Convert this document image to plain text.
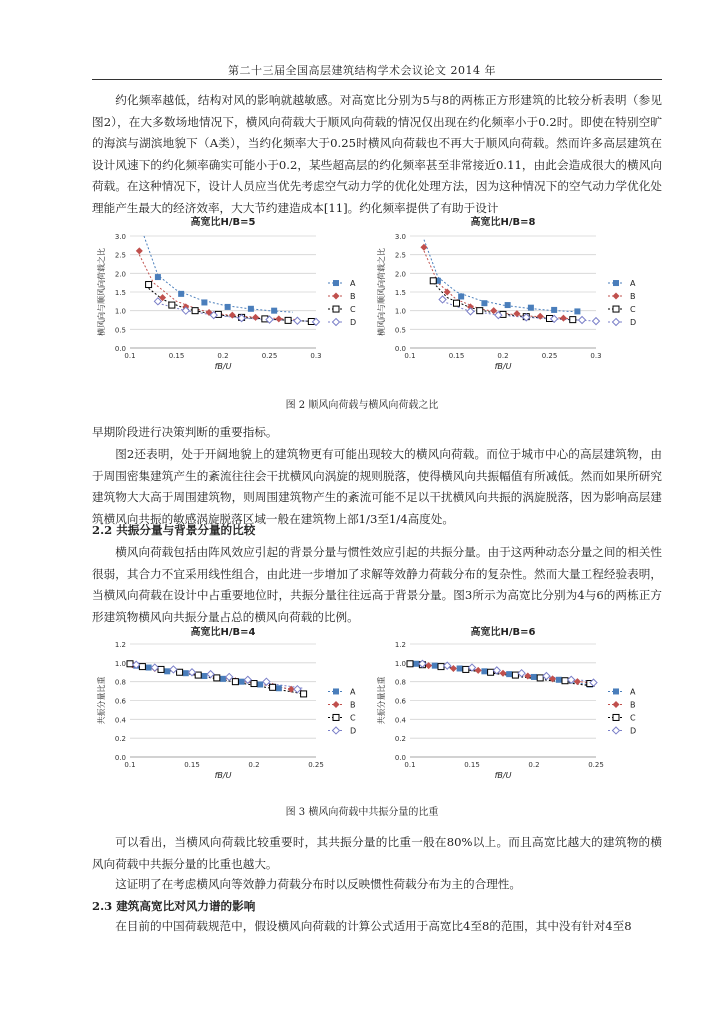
第二十三届全国高层建筑结构学术会议论文 2014 年

约化频率越低，结构对风的影响就越敏感。对高宽比分别为5与8的两栋正方形建筑的比较分析表明（参见图2），在大多数场地情况下，横风向荷载大于顺风向荷载的情况仅出现在约化频率小于0.2时。即使在特别空旷的海滨与湖滨地貌下（A类），当约化频率大于0.25时横风向荷载也不再大于顺风向荷载。然而许多高层建筑在设计风速下的约化频率确实可能小于0.2，某些超高层的约化频率甚至非常接近0.11，由此会造成很大的横风向荷载。在这种情况下，设计人员应当优先考虑空气动力学的优化处理方法，因为这种情况下的空气动力学优化处理能产生最大的经济效率，大大节约建造成本[11]。约化频率提供了有助于设计

高宽比H/B=5
0.0
0.5
1.0
1.5
2.0
2.5
3.0
0.1	0.15	0.2	0.25	0.3
fB/U
横风向与顺风向荷载之比	A
B
C
D
高宽比H/B=8
0.0
0.5
1.0
1.5
2.0
2.5
3.0
0.1	0.15	0.2	0.25	0.3
fB/U
横风向与顺风向荷载之比	A
B
C
D
图 2 顺风向荷载与横风向荷载之比

早期阶段进行决策判断的重要指标。

图2还表明，处于开阔地貌上的建筑物更有可能出现较大的横风向荷载。而位于城市中心的高层建筑物，由于周围密集建筑产生的紊流往往会干扰横风向涡旋的规则脱落，使得横风向共振幅值有所减低。然而如果所研究建筑物大大高于周围建筑物，则周围建筑物产生的紊流可能不足以干扰横风向共振的涡旋脱落，因为影响高层建筑横风向共振的敏感涡旋脱落区域一般在建筑物上部1/3至1/4高度处。

2.2 共振分量与背景分量的比较

横风向荷载包括由阵风效应引起的背景分量与惯性效应引起的共振分量。由于这两种动态分量之间的相关性很弱，其合力不宜采用线性组合，由此进一步增加了求解等效静力荷载分布的复杂性。然而大量工程经验表明，当横风向荷载在设计中占重要地位时，共振分量往往远高于背景分量。图3所示为高宽比分别为4与6的两栋正方形建筑物横风向共振分量占总的横风向荷载的比例。

高宽比H/B=4
0.0
0.2
0.4
0.6
0.8
1.0
1.2
0.1	0.15	0.2	0.25
fB/U
共振分量比重	A
B
C
D
高宽比H/B=6
0.0
0.2
0.4
0.6
0.8
1.0
1.2
0.1	0.15	0.2	0.25
fB/U
共振分量比重	A
B
C
D
图 3 横风向荷载中共振分量的比重

可以看出，当横风向荷载比较重要时，其共振分量的比重一般在80%以上。而且高宽比越大的建筑物的横风向荷载中共振分量的比重也越大。

这证明了在考虑横风向等效静力荷载分布时以反映惯性荷载分布为主的合理性。

2.3 建筑高宽比对风力谱的影响

在目前的中国荷载规范中，假设横风向荷载的计算公式适用于高宽比4至8的范围，其中没有针对4至8
